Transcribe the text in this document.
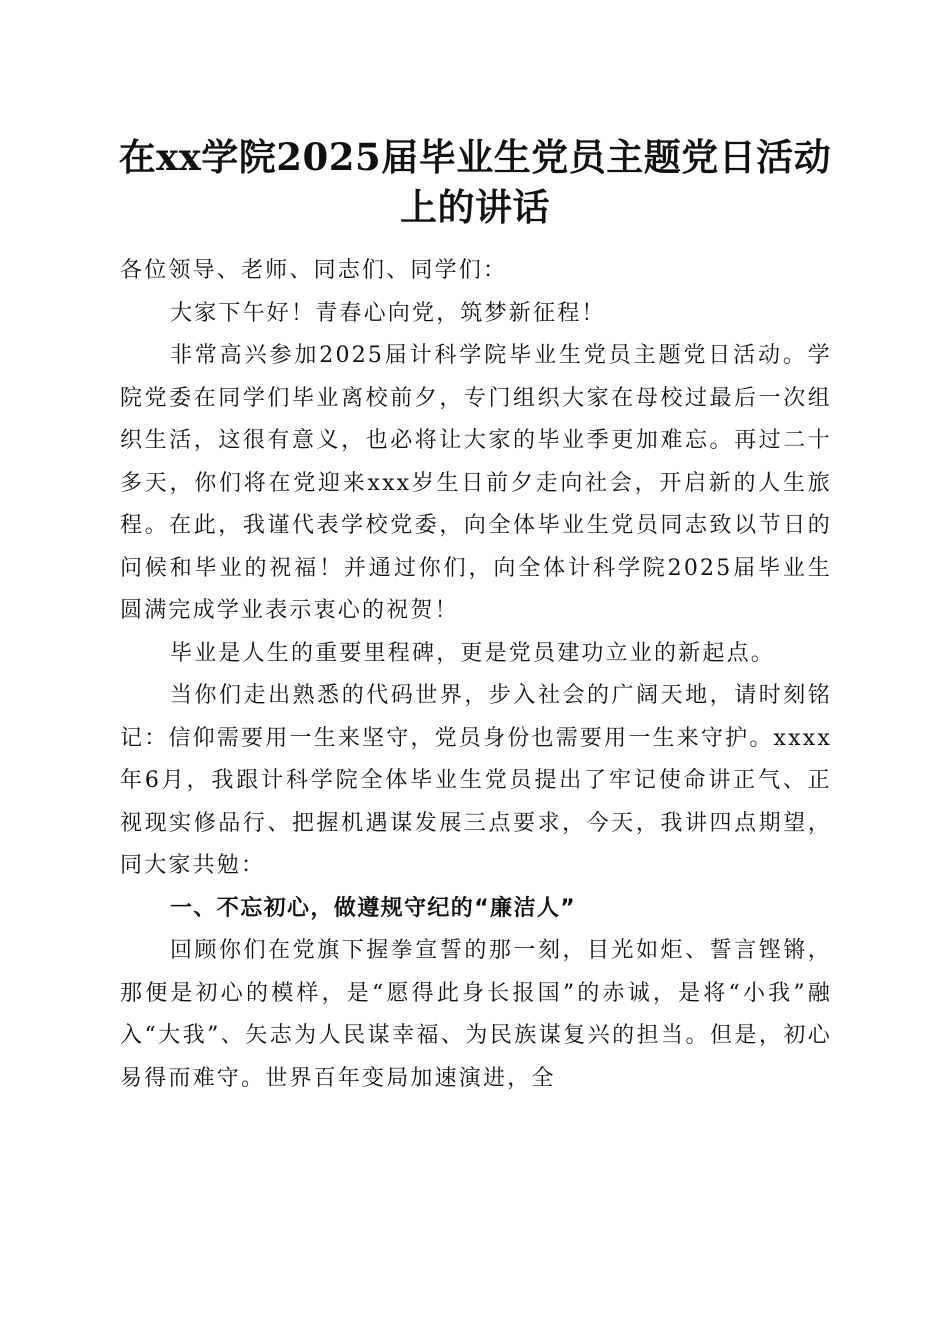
在xx学院2025届毕业生党员主题党日活动上的讲话

各位领导、老师、同志们、同学们：

大家下午好！青春心向党，筑梦新征程！

非常高兴参加2025届计科学院毕业生党员主题党日活动。学院党委在同学们毕业离校前夕，专门组织大家在母校过最后一次组织生活，这很有意义，也必将让大家的毕业季更加难忘。再过二十多天，你们将在党迎来xxx岁生日前夕走向社会，开启新的人生旅程。在此，我谨代表学校党委，向全体毕业生党员同志致以节日的问候和毕业的祝福！并通过你们，向全体计科学院2025届毕业生圆满完成学业表示衷心的祝贺！

毕业是人生的重要里程碑，更是党员建功立业的新起点。

当你们走出熟悉的代码世界，步入社会的广阔天地，请时刻铭记：信仰需要用一生来坚守，党员身份也需要用一生来守护。xxxx年6月，我跟计科学院全体毕业生党员提出了牢记使命讲正气、正视现实修品行、把握机遇谋发展三点要求，今天，我讲四点期望，同大家共勉：

一、不忘初心，做遵规守纪的“廉洁人”

回顾你们在党旗下握拳宣誓的那一刻，目光如炬、誓言铿锵，那便是初心的模样，是“愿得此身长报国”的赤诚，是将“小我”融入“大我”、矢志为人民谋幸福、为民族谋复兴的担当。但是，初心易得而难守。世界百年变局加速演进，全
